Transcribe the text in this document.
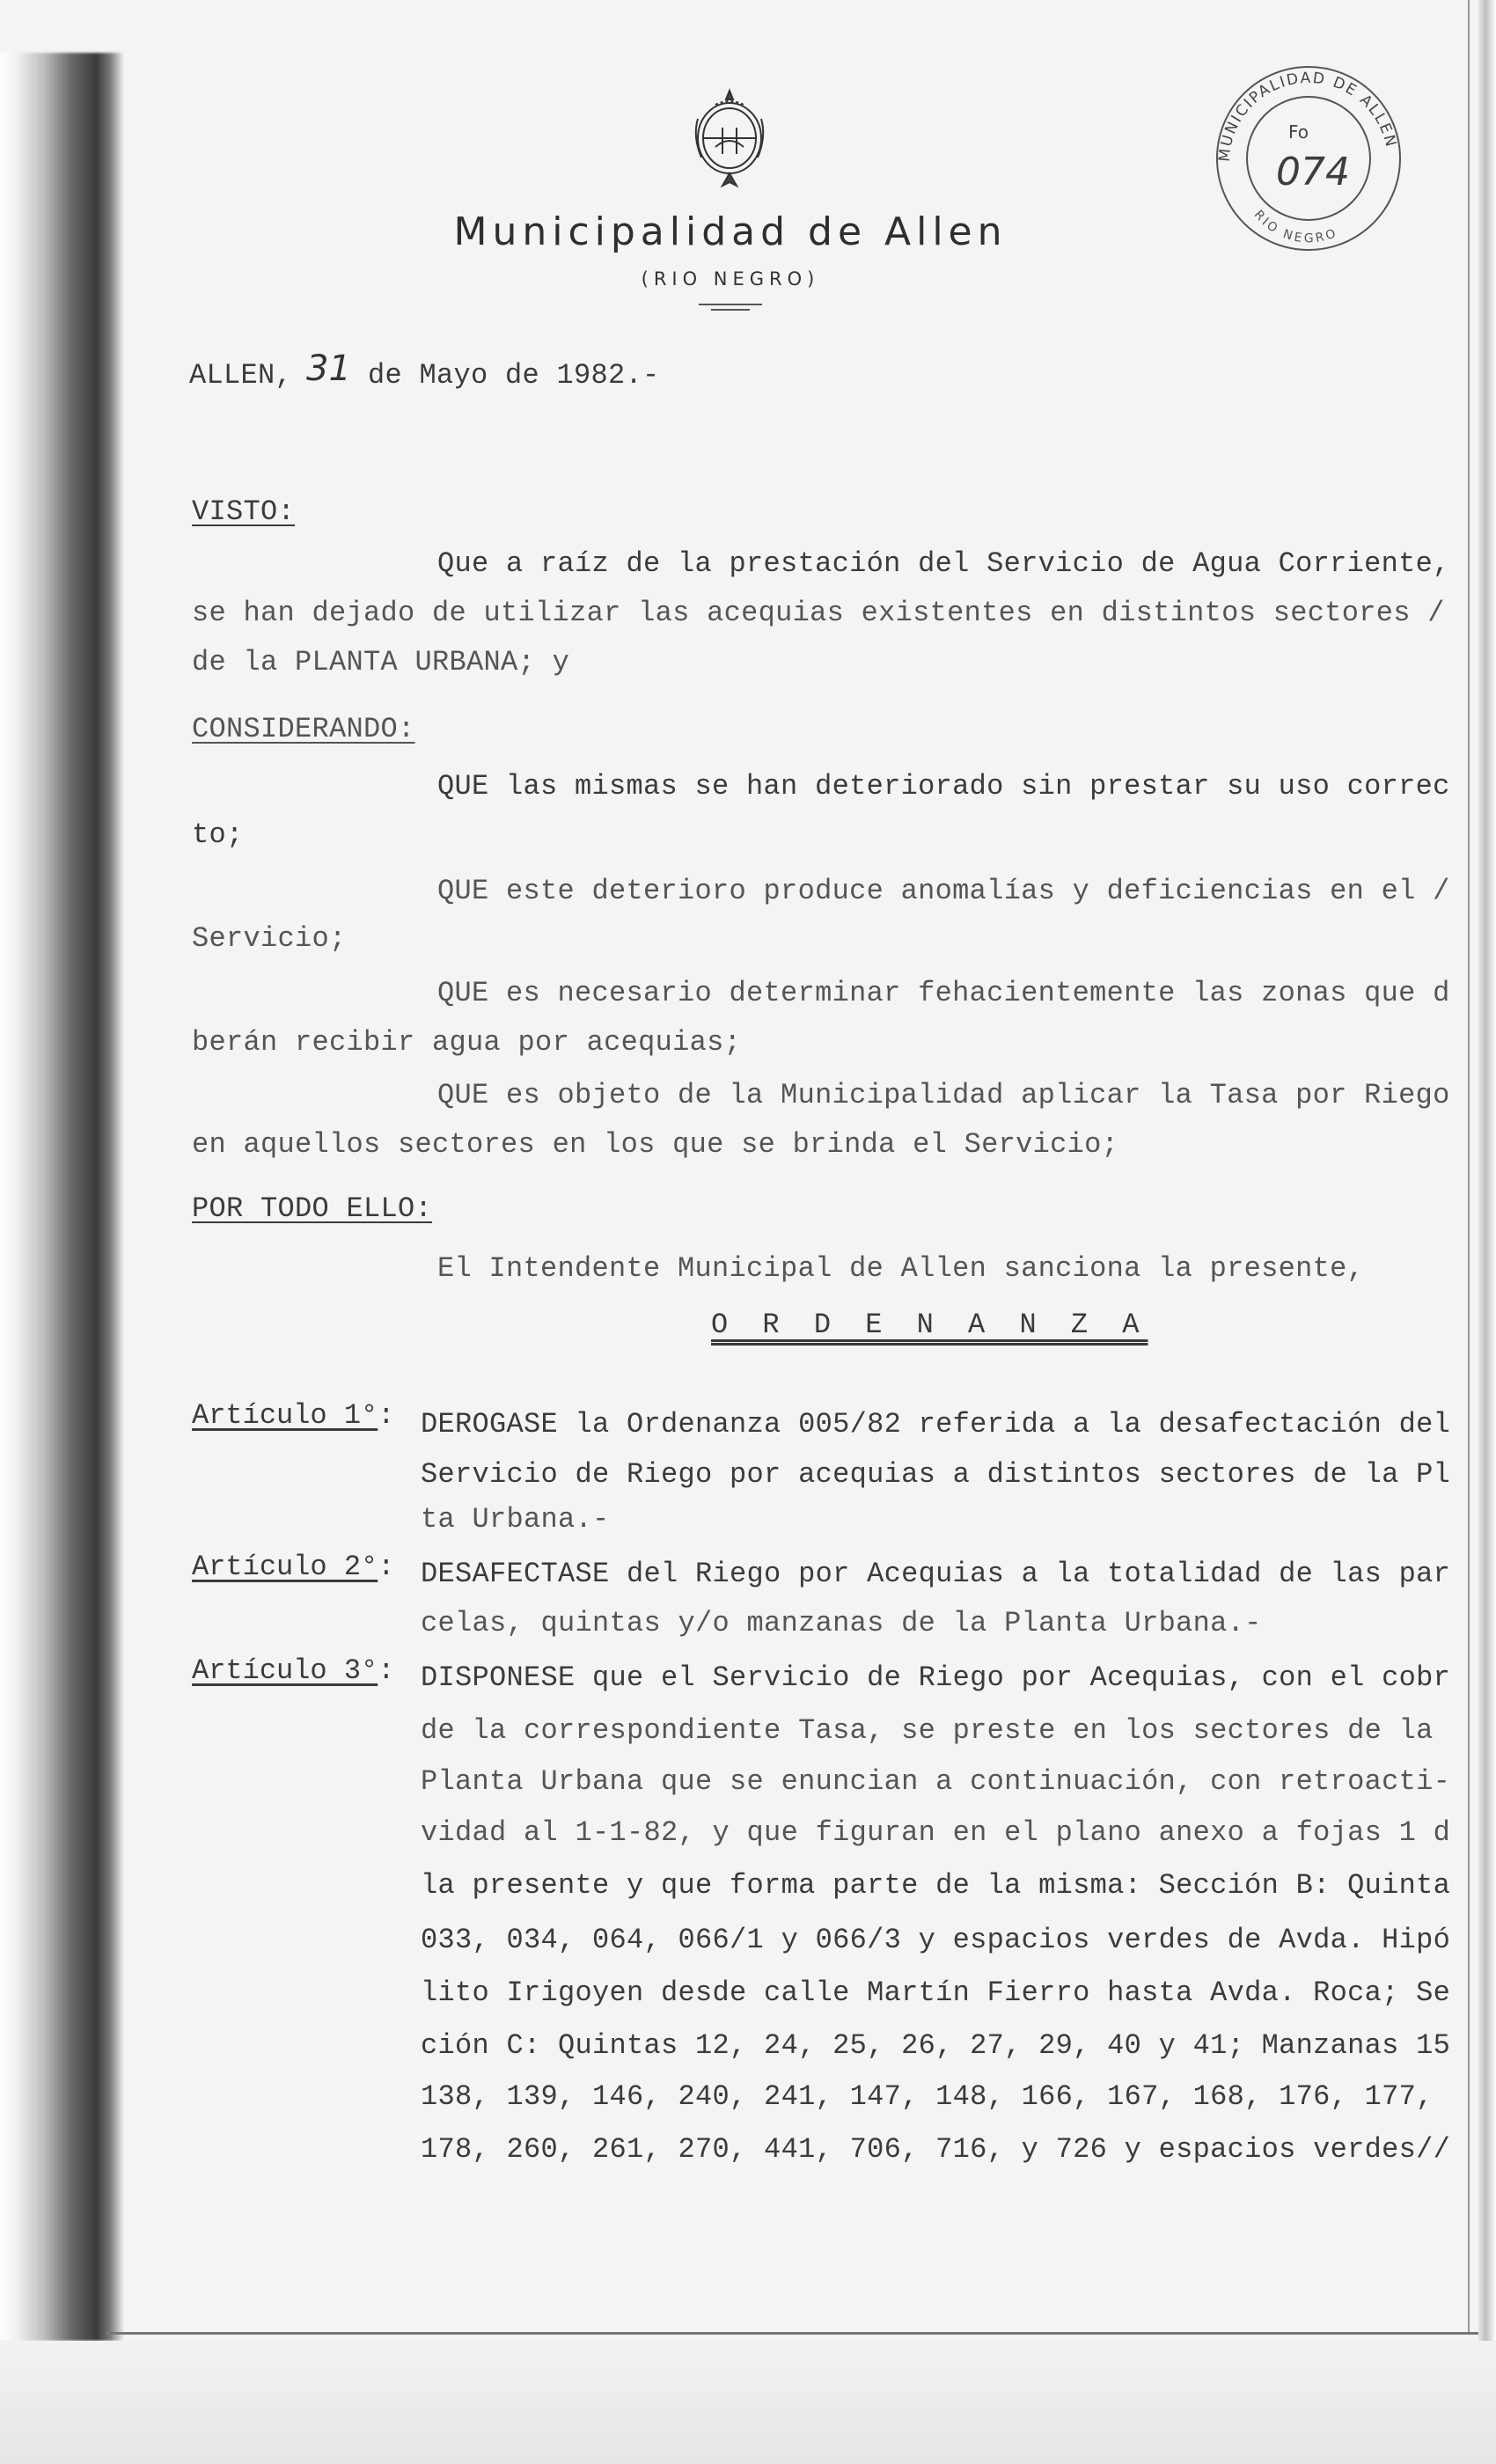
Municipalidad de Allen
(RIO NEGRO)
MUNICIPALIDAD DE ALLEN
RIO NEGRO
Fo
074
ALLEN, 31 de Mayo de 1982.-
VISTO:
Que a raíz de la prestación del Servicio de Agua Corriente,
se han dejado de utilizar las acequias existentes en distintos sectores /
de la PLANTA URBANA; y
CONSIDERANDO:
QUE las mismas se han deteriorado sin prestar su uso correc
to;
QUE este deterioro produce anomalías y deficiencias en el /
Servicio;
QUE es necesario determinar fehacientemente las zonas que d
berán recibir agua por acequias;
QUE es objeto de la Municipalidad aplicar la Tasa por Riego
en aquellos sectores en los que se brinda el Servicio;
POR TODO ELLO:
El Intendente Municipal de Allen sanciona la presente,
O R D E N A N Z A
Artículo 1°: DEROGASE la Ordenanza 005/82 referida a la desafectación del
Servicio de Riego por acequias a distintos sectores de la Pl
ta Urbana.-
Artículo 2°: DESAFECTASE del Riego por Acequias a la totalidad de las par
celas, quintas y/o manzanas de la Planta Urbana.-
Artículo 3°: DISPONESE que el Servicio de Riego por Acequias, con el cobr
de la correspondiente Tasa, se preste en los sectores de la
Planta Urbana que se enuncian a continuación, con retroacti-
vidad al 1-1-82, y que figuran en el plano anexo a fojas 1 d
la presente y que forma parte de la misma: Sección B: Quinta
033, 034, 064, 066/1 y 066/3 y espacios verdes de Avda. Hipó
lito Irigoyen desde calle Martín Fierro hasta Avda. Roca; Se
ción C: Quintas 12, 24, 25, 26, 27, 29, 40 y 41; Manzanas 15
138, 139, 146, 240, 241, 147, 148, 166, 167, 168, 176, 177,
178, 260, 261, 270, 441, 706, 716, y 726 y espacios verdes//
